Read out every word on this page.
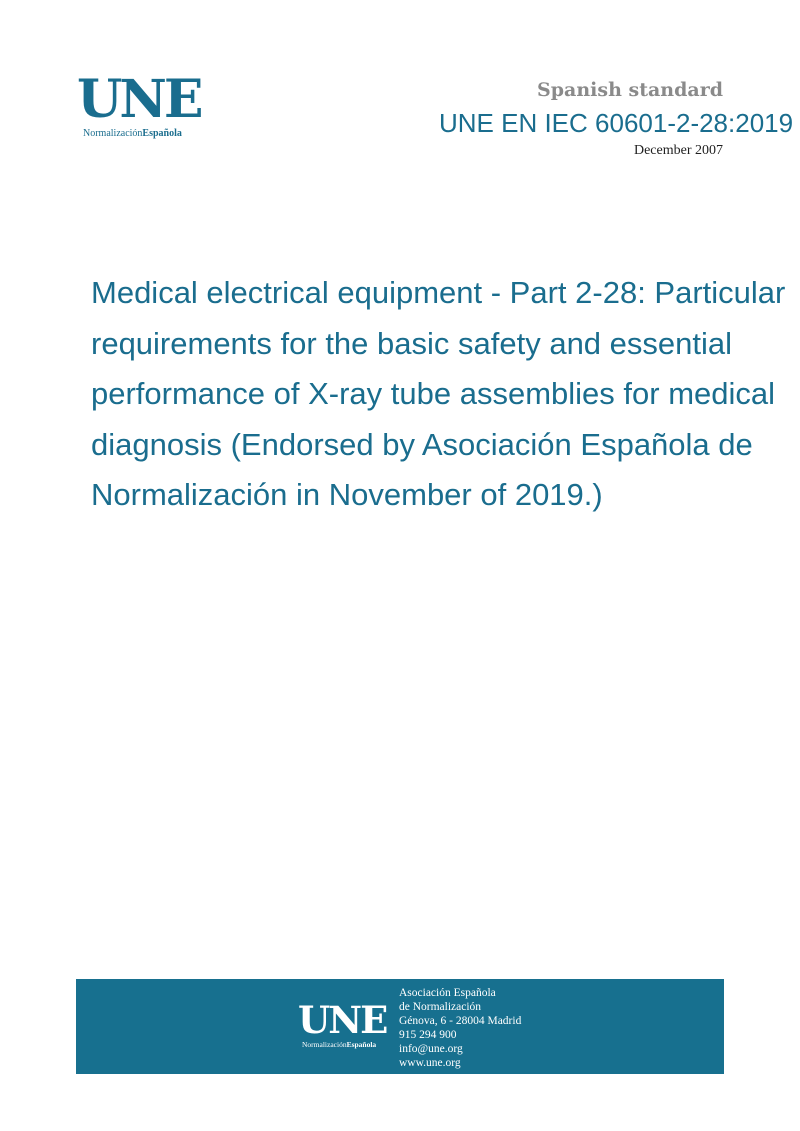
UNE
NormalizaciónEspañola
Spanish standard
UNE EN IEC 60601-2-28:2019
December 2007
Medical electrical equipment - Part 2-28: Particular
requirements for the basic safety and essential
performance of X-ray tube assemblies for medical
diagnosis (Endorsed by Asociación Española de
Normalización in November of 2019.)
UNE
NormalizaciónEspañola
Asociación Española
de Normalización
Génova, 6 - 28004 Madrid
915 294 900
info@une.org
www.une.org
